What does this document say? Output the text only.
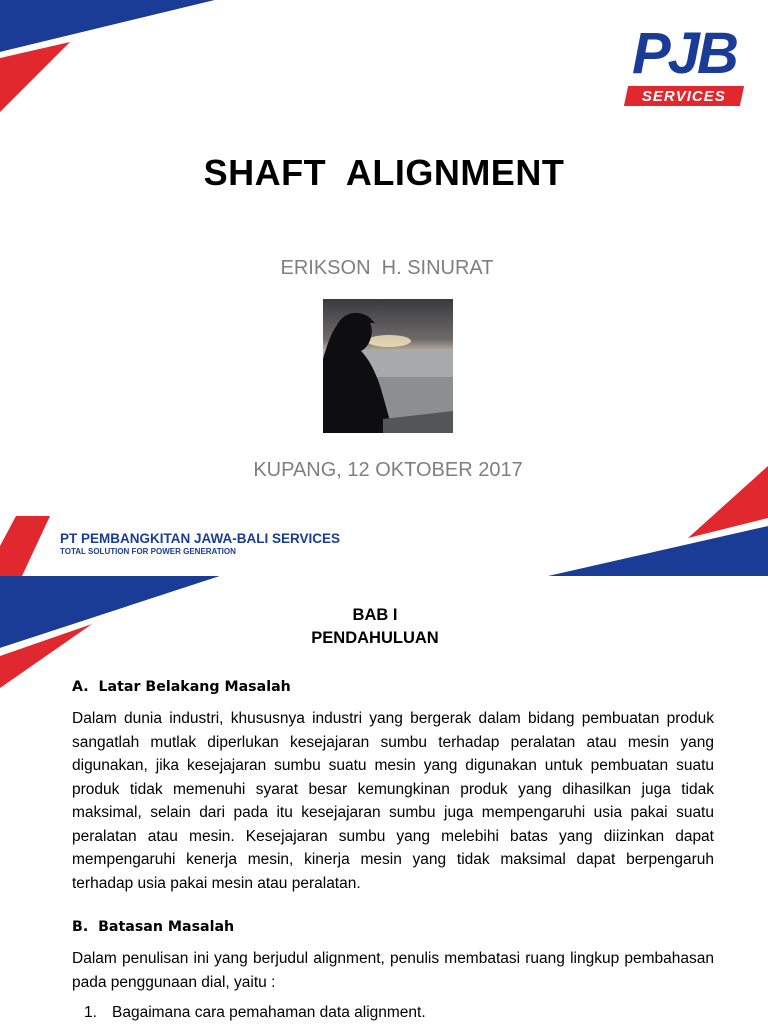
PJB
SERVICES
SHAFT  ALIGNMENT
ERIKSON  H. SINURAT
KUPANG, 12 OKTOBER 2017
PT PEMBANGKITAN JAWA-BALI SERVICES
TOTAL SOLUTION FOR POWER GENERATION
BAB I
PENDAHULUAN
A.  Latar Belakang Masalah
Dalam dunia industri, khususnya industri yang bergerak dalam bidang pembuatan produk sangatlah mutlak diperlukan kesejajaran sumbu terhadap peralatan atau mesin yang digunakan, jika kesejajaran sumbu suatu mesin yang digunakan untuk pembuatan suatu produk tidak memenuhi syarat besar kemungkinan produk yang dihasilkan juga tidak maksimal, selain dari pada itu kesejajaran sumbu juga mempengaruhi usia pakai suatu peralatan atau mesin. Kesejajaran sumbu yang melebihi batas yang diizinkan dapat mempengaruhi kenerja mesin, kinerja mesin yang tidak maksimal dapat berpengaruh terhadap usia pakai mesin atau peralatan.
B.  Batasan Masalah
Dalam penulisan ini yang berjudul alignment, penulis membatasi ruang lingkup pembahasan pada penggunaan dial, yaitu :
1. Bagaimana cara pemahaman data alignment.
